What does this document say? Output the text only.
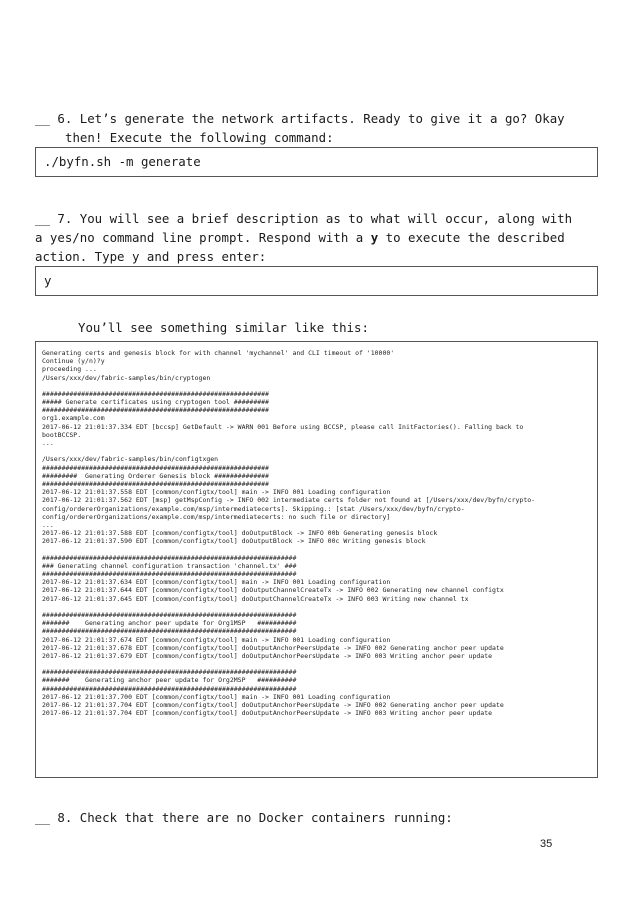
__ 6. Let’s generate the network artifacts. Ready to give it a go? Okay
then! Execute the following command:

./byfn.sh -m generate

__ 7. You will see a brief description as to what will occur, along with
a yes/no command line prompt. Respond with a y to execute the described
action. Type y and press enter:

y
You’ll see something similar like this:
Generating certs and genesis block for with channel 'mychannel' and CLI timeout of '10000'
Continue (y/n)?y
proceeding ...
/Users/xxx/dev/fabric-samples/bin/cryptogen
##########################################################
##### Generate certificates using cryptogen tool #########
##########################################################
org1.example.com
2017-06-12 21:01:37.334 EDT [bccsp] GetDefault -> WARN 001 Before using BCCSP, please call InitFactories(). Falling back to
bootBCCSP.
...
/Users/xxx/dev/fabric-samples/bin/configtxgen
##########################################################
#########  Generating Orderer Genesis block ##############
##########################################################
2017-06-12 21:01:37.558 EDT [common/configtx/tool] main -> INFO 001 Loading configuration
2017-06-12 21:01:37.562 EDT [msp] getMspConfig -> INFO 002 intermediate certs folder not found at [/Users/xxx/dev/byfn/crypto-
config/ordererOrganizations/example.com/msp/intermediatecerts]. Skipping.: [stat /Users/xxx/dev/byfn/crypto-
config/ordererOrganizations/example.com/msp/intermediatecerts: no such file or directory]
...
2017-06-12 21:01:37.588 EDT [common/configtx/tool] doOutputBlock -> INFO 00b Generating genesis block
2017-06-12 21:01:37.590 EDT [common/configtx/tool] doOutputBlock -> INFO 00c Writing genesis block
#################################################################
### Generating channel configuration transaction 'channel.tx' ###
#################################################################
2017-06-12 21:01:37.634 EDT [common/configtx/tool] main -> INFO 001 Loading configuration
2017-06-12 21:01:37.644 EDT [common/configtx/tool] doOutputChannelCreateTx -> INFO 002 Generating new channel configtx
2017-06-12 21:01:37.645 EDT [common/configtx/tool] doOutputChannelCreateTx -> INFO 003 Writing new channel tx
#################################################################
#######    Generating anchor peer update for Org1MSP   ##########
#################################################################
2017-06-12 21:01:37.674 EDT [common/configtx/tool] main -> INFO 001 Loading configuration
2017-06-12 21:01:37.678 EDT [common/configtx/tool] doOutputAnchorPeersUpdate -> INFO 002 Generating anchor peer update
2017-06-12 21:01:37.679 EDT [common/configtx/tool] doOutputAnchorPeersUpdate -> INFO 003 Writing anchor peer update
#################################################################
#######    Generating anchor peer update for Org2MSP   ##########
#################################################################
2017-06-12 21:01:37.700 EDT [common/configtx/tool] main -> INFO 001 Loading configuration
2017-06-12 21:01:37.704 EDT [common/configtx/tool] doOutputAnchorPeersUpdate -> INFO 002 Generating anchor peer update
2017-06-12 21:01:37.704 EDT [common/configtx/tool] doOutputAnchorPeersUpdate -> INFO 003 Writing anchor peer update

__ 8. Check that there are no Docker containers running:

35
